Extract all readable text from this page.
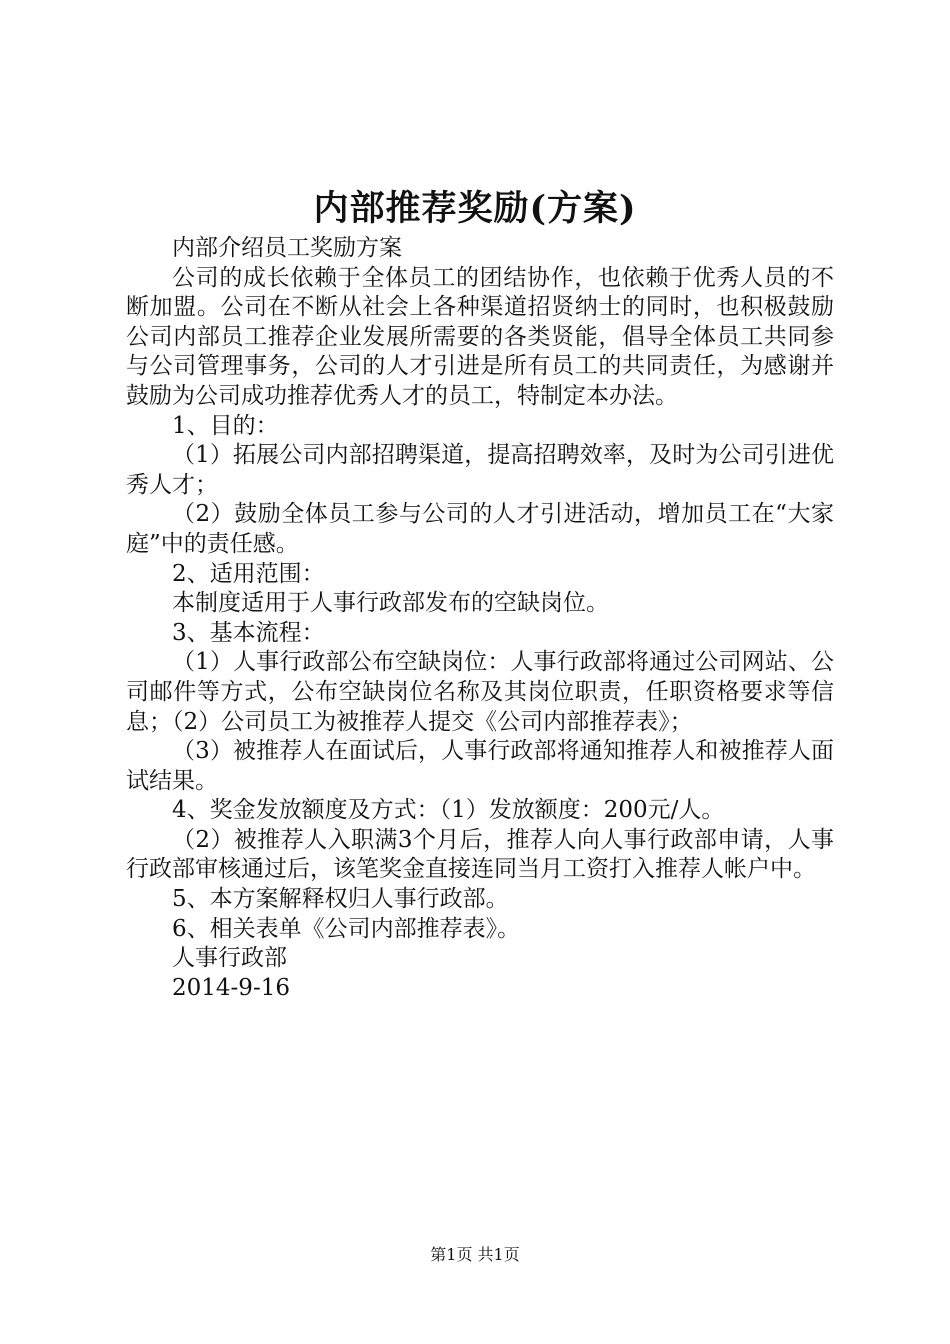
内部推荐奖励(方案)

内部介绍员工奖励方案

公司的成长依赖于全体员工的团结协作，也依赖于优秀人员的不断加盟。公司在不断从社会上各种渠道招贤纳士的同时，也积极鼓励公司内部员工推荐企业发展所需要的各类贤能，倡导全体员工共同参与公司管理事务，公司的人才引进是所有员工的共同责任，为感谢并鼓励为公司成功推荐优秀人才的员工，特制定本办法。

1、目的：

（1）拓展公司内部招聘渠道，提高招聘效率，及时为公司引进优秀人才；

（2）鼓励全体员工参与公司的人才引进活动，增加员工在“大家庭”中的责任感。

2、适用范围：

本制度适用于人事行政部发布的空缺岗位。

3、基本流程：

（1）人事行政部公布空缺岗位：人事行政部将通过公司网站、公司邮件等方式，公布空缺岗位名称及其岗位职责，任职资格要求等信息；（2）公司员工为被推荐人提交《公司内部推荐表》；

（3）被推荐人在面试后，人事行政部将通知推荐人和被推荐人面试结果。

4、奖金发放额度及方式：（1）发放额度：200元/人。

（2）被推荐人入职满3个月后，推荐人向人事行政部申请，人事行政部审核通过后，该笔奖金直接连同当月工资打入推荐人帐户中。

5、本方案解释权归人事行政部。

6、相关表单《公司内部推荐表》。

人事行政部

2014-9-16

第1页 共1页
